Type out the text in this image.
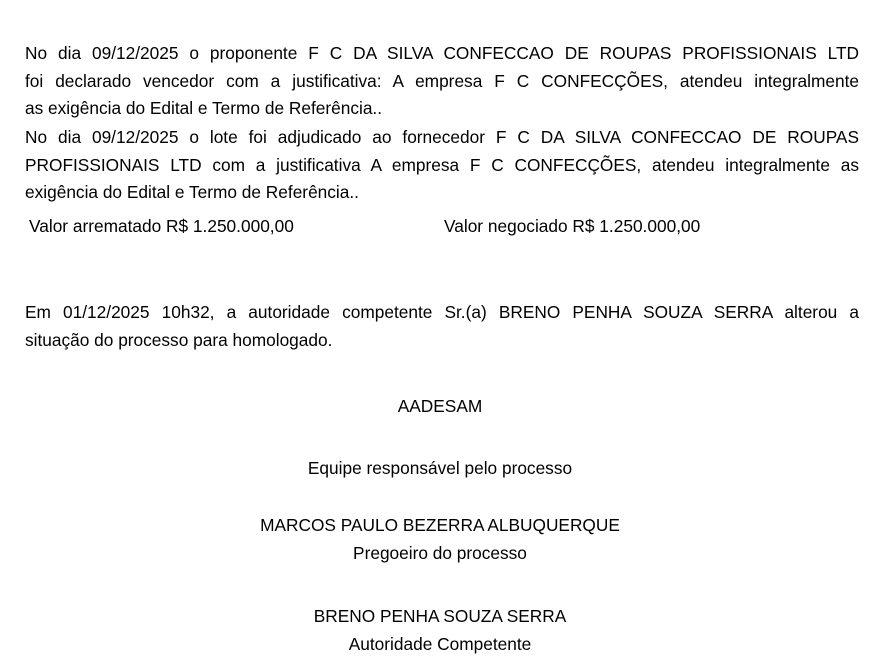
No dia 09/12/2025 o proponente F C DA SILVA CONFECCAO DE ROUPAS PROFISSIONAIS LTD
foi declarado vencedor com a justificativa: A empresa F C CONFECÇÕES, atendeu integralmente
as exigência do Edital e Termo de Referência..

No dia 09/12/2025 o lote foi adjudicado ao fornecedor F C DA SILVA CONFECCAO DE ROUPAS
PROFISSIONAIS LTD com a justificativa A empresa F C CONFECÇÕES, atendeu integralmente as
exigência do Edital e Termo de Referência..

Valor arrematado R$ 1.250.000,00	Valor negociado R$ 1.250.000,00

Em 01/12/2025 10h32, a autoridade competente Sr.(a) BRENO PENHA SOUZA SERRA alterou a
situação do processo para homologado.

AADESAM
Equipe responsável pelo processo
MARCOS PAULO BEZERRA ALBUQUERQUE
Pregoeiro do processo
BRENO PENHA SOUZA SERRA
Autoridade Competente
